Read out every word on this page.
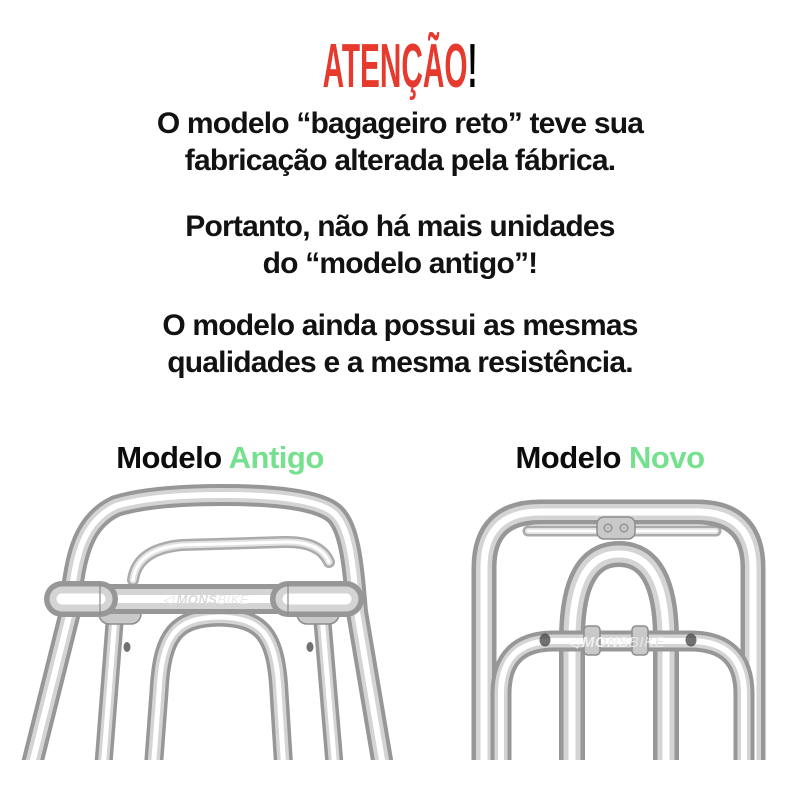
ATENÇÃO!

O modelo “bagageiro reto” teve sua
fabricação alterada pela fábrica.

Portanto, não há mais unidades
do “modelo antigo”!

O modelo ainda possui as mesmas
qualidades e a mesma resistência.

Modelo Antigo	Modelo Novo
◁ MONSBIKE
◁ MONSBIKE
